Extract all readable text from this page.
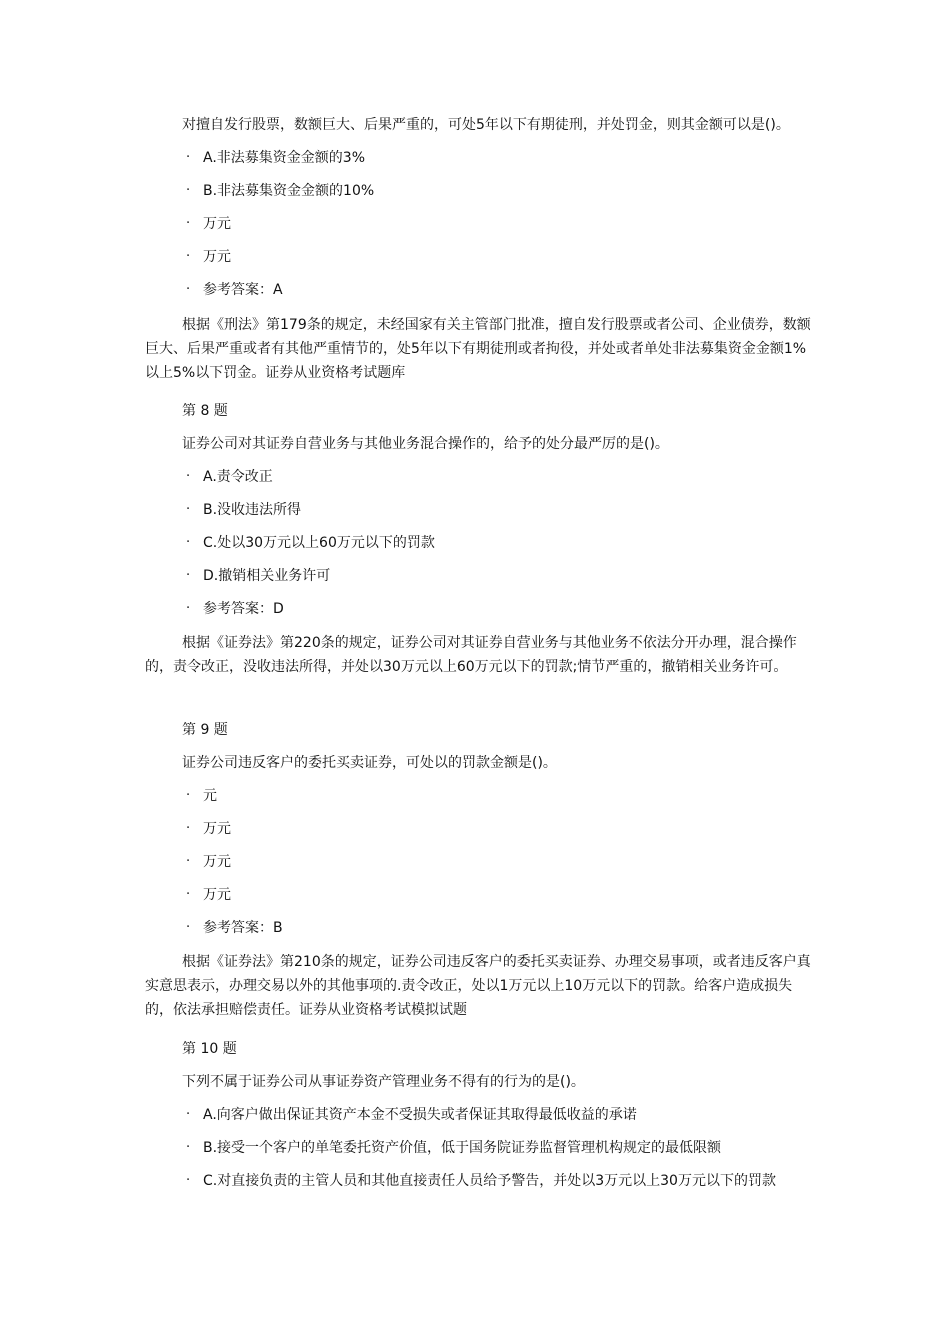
对擅自发行股票，数额巨大、后果严重的，可处5年以下有期徒刑，并处罚金，则其金额可以是()。
· A.非法募集资金金额的3%
· B.非法募集资金金额的10%
· 万元
· 万元
· 参考答案：A
根据《刑法》第179条的规定，未经国家有关主管部门批准，擅自发行股票或者公司、企业债券，数额巨大、后果严重或者有其他严重情节的，处5年以下有期徒刑或者拘役，并处或者单处非法募集资金金额1%以上5%以下罚金。证券从业资格考试题库
第 8 题
证券公司对其证券自营业务与其他业务混合操作的，给予的处分最严厉的是()。
· A.责令改正
· B.没收违法所得
· C.处以30万元以上60万元以下的罚款
· D.撤销相关业务许可
· 参考答案：D
根据《证券法》第220条的规定，证券公司对其证券自营业务与其他业务不依法分开办理，混合操作的，责令改正，没收违法所得，并处以30万元以上60万元以下的罚款;情节严重的，撤销相关业务许可。
第 9 题
证券公司违反客户的委托买卖证券，可处以的罚款金额是()。
· 元
· 万元
· 万元
· 万元
· 参考答案：B
根据《证券法》第210条的规定，证券公司违反客户的委托买卖证券、办理交易事项，或者违反客户真实意思表示，办理交易以外的其他事项的.责令改正，处以1万元以上10万元以下的罚款。给客户造成损失的，依法承担赔偿责任。证券从业资格考试模拟试题
第 10 题
下列不属于证券公司从事证券资产管理业务不得有的行为的是()。
· A.向客户做出保证其资产本金不受损失或者保证其取得最低收益的承诺
· B.接受一个客户的单笔委托资产价值，低于国务院证券监督管理机构规定的最低限额
· C.对直接负责的主管人员和其他直接责任人员给予警告，并处以3万元以上30万元以下的罚款
